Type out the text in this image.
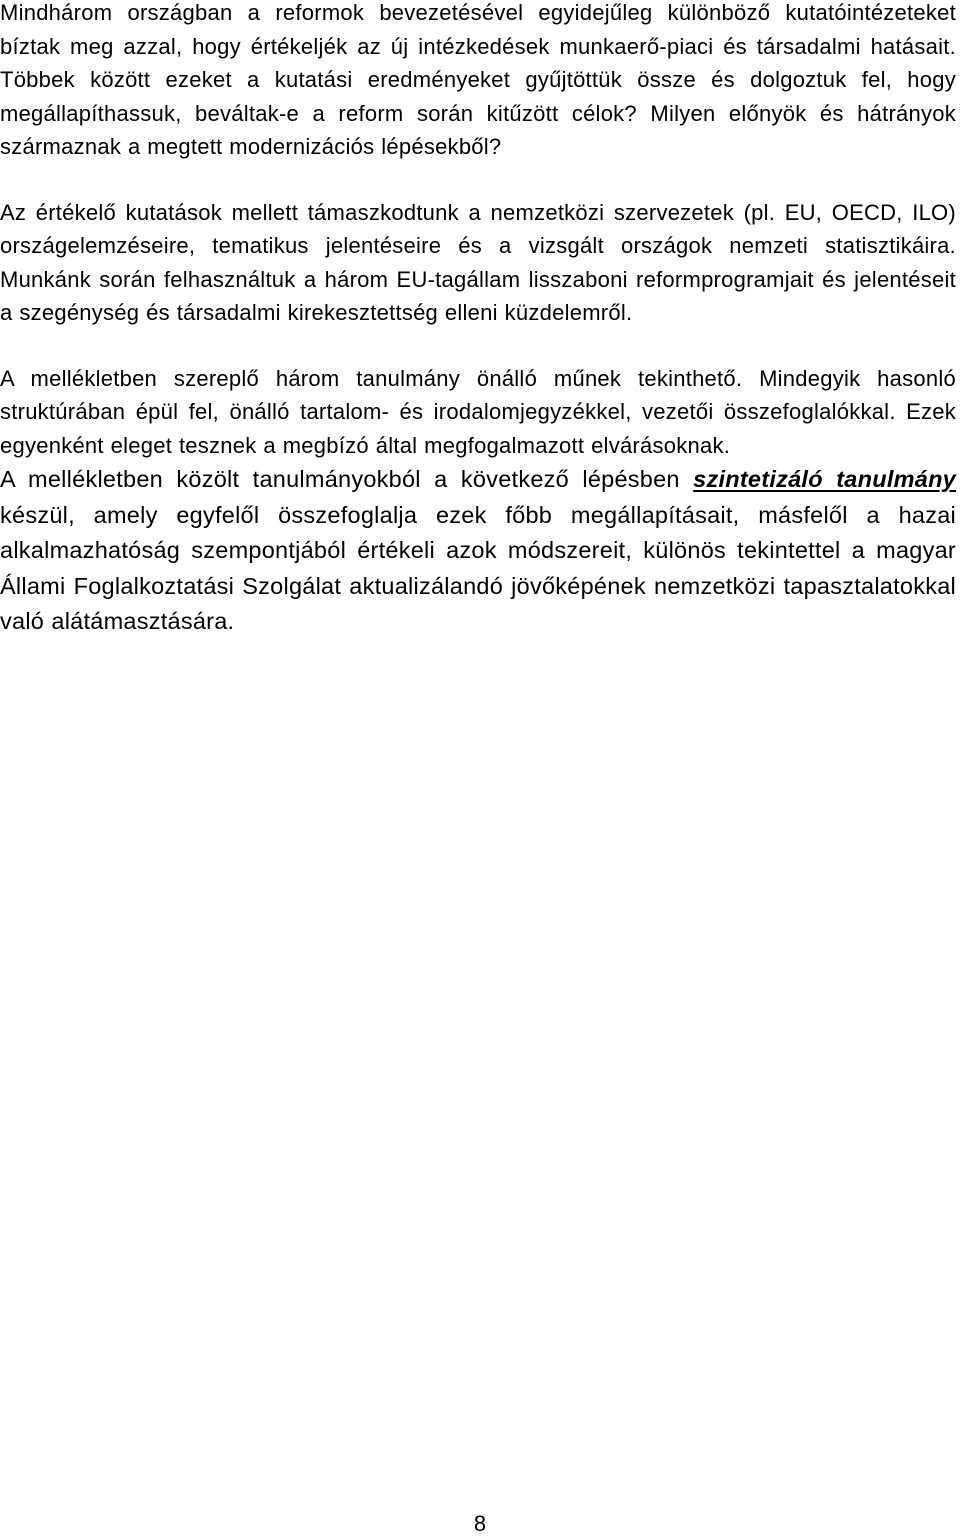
Mindhárom országban a reformok bevezetésével egyidejűleg különböző kutatóintézeteket bíztak meg azzal, hogy értékeljék az új intézkedések munkaerő-piaci és társadalmi hatásait. Többek között ezeket a kutatási eredményeket gyűjtöttük össze és dolgoztuk fel, hogy megállapíthassuk, beváltak-e a reform során kitűzött célok? Milyen előnyök és hátrányok származnak a megtett modernizációs lépésekből?

Az értékelő kutatások mellett támaszkodtunk a nemzetközi szervezetek (pl. EU, OECD, ILO) országelemzéseire, tematikus jelentéseire és a vizsgált országok nemzeti statisztikáira. Munkánk során felhasználtuk a három EU-tagállam lisszaboni reformprogramjait és jelentéseit a szegénység és társadalmi kirekesztettség elleni küzdelemről.

A mellékletben szereplő három tanulmány önálló műnek tekinthető. Mindegyik hasonló struktúrában épül fel, önálló tartalom- és irodalomjegyzékkel, vezetői összefoglalókkal. Ezek egyenként eleget tesznek a megbízó által megfogalmazott elvárásoknak.

A mellékletben közölt tanulmányokból a következő lépésben szintetizáló tanulmány készül, amely egyfelől összefoglalja ezek főbb megállapításait, másfelől a hazai alkalmazhatóság szempontjából értékeli azok módszereit, különös tekintettel a magyar Állami Foglalkoztatási Szolgálat aktualizálandó jövőképének nemzetközi tapasztalatokkal való alátámasztására.

8
